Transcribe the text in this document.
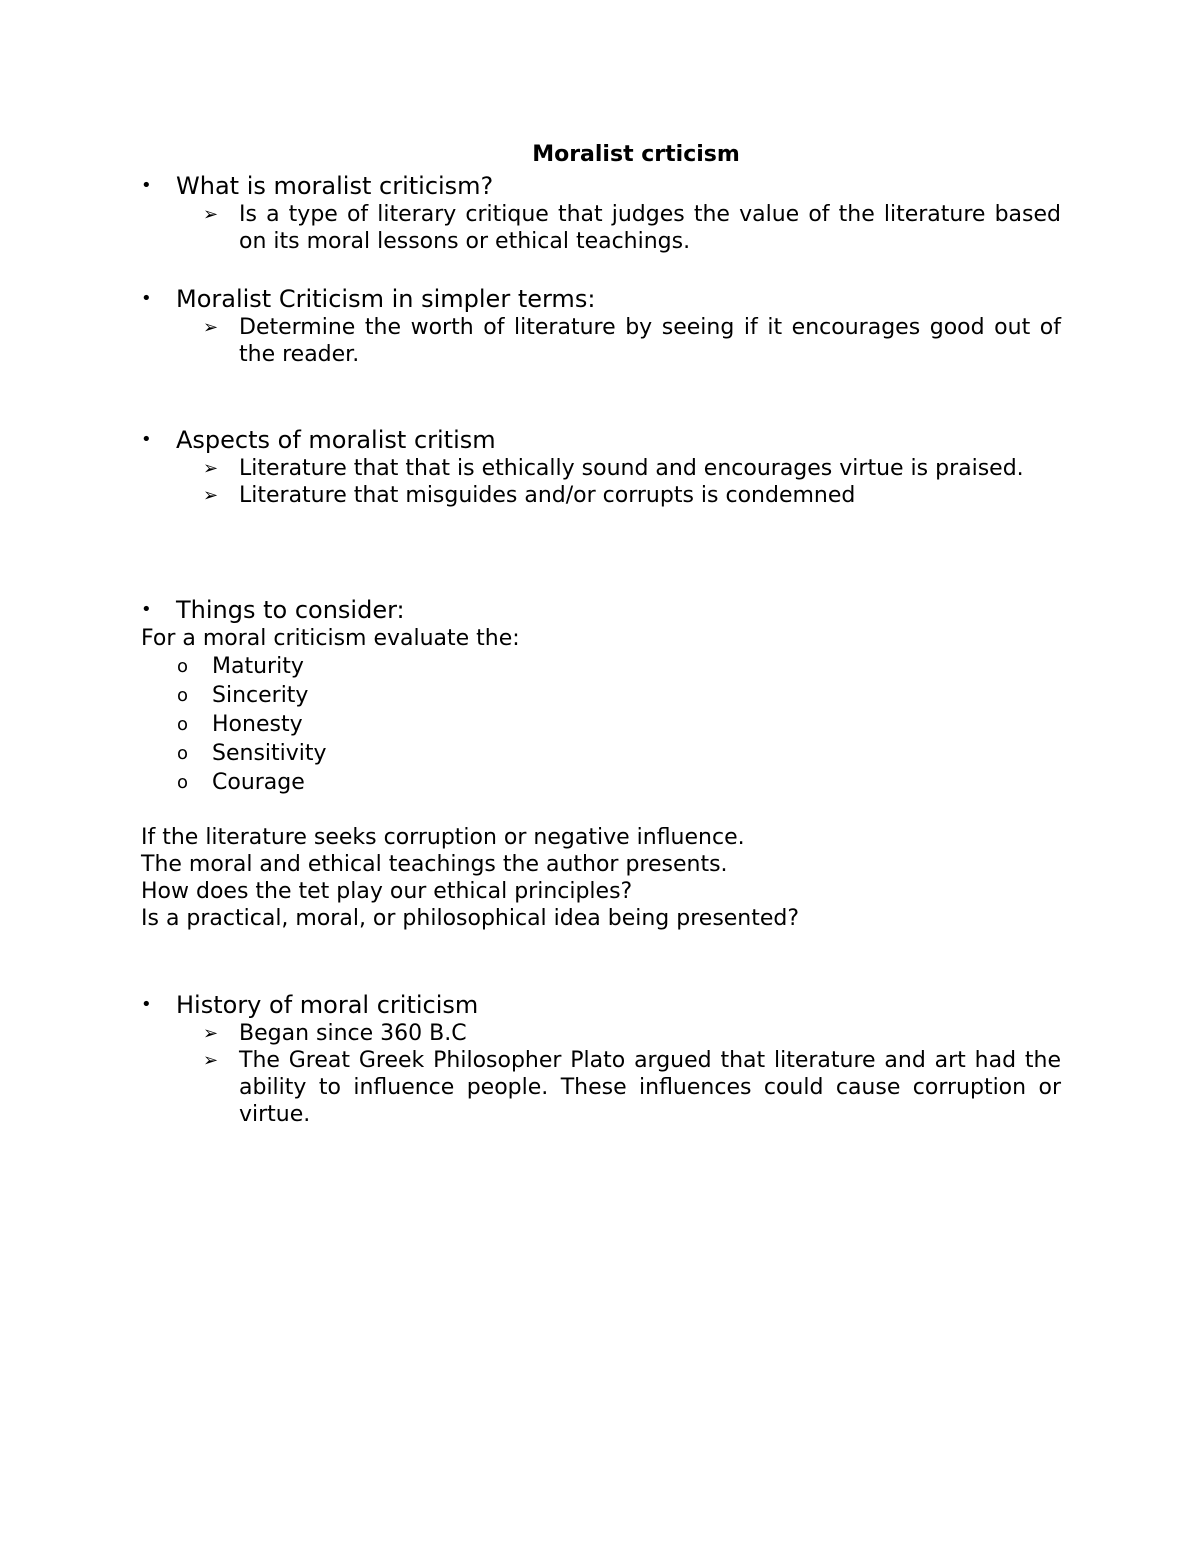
Moralist crticism

• What is moralist criticism?

➢ Is a type of literary critique that judges the value of the literature based on its moral lessons or ethical teachings.

• Moralist Criticism in simpler terms:

➢ Determine the worth of literature by seeing if it encourages good out of the reader.

• Aspects of moralist critism

➢ Literature that that is ethically sound and encourages virtue is praised.

➢ Literature that misguides and/or corrupts is condemned

• Things to consider:

For a moral criticism evaluate the:

o Maturity

o Sincerity

o Honesty

o Sensitivity

o Courage

If the literature seeks corruption or negative influence.

The moral and ethical teachings the author presents.

How does the tet play our ethical principles?

Is a practical, moral, or philosophical idea being presented?

• History of moral criticism

➢ Began since 360 B.C

➢ The Great Greek Philosopher Plato argued that literature and art had the ability to influence people. These influences could cause corruption or virtue.
